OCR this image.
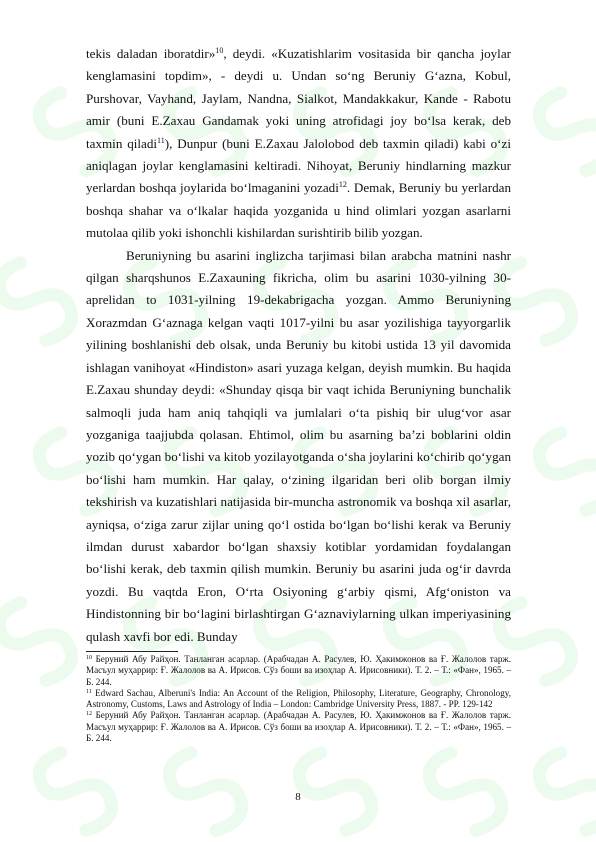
tekis daladan iboratdir»$^{10}$, deydi. «Kuzatishlarim vositasida bir qancha joylar kenglamasini topdim», - deydi u. Undan so‘ng Beruniy G‘azna, Kobul, Purshovar, Vayhand, Jaylam, Nandna, Sialkot, Mandakkakur, Kande - Rabotu amir (buni E.Zaxau Gandamak yoki uning atrofidagi joy bo‘lsa kerak, deb taxmin qiladi$^{11}$), Dunpur (buni E.Zaxau Jalolobod deb taxmin qiladi) kabi o‘zi aniqlagan joylar kenglamasini keltiradi. Nihoyat, Beruniy hindlarning mazkur yerlardan boshqa joylarida bo‘lmaganini yozadi$^{12}$. Demak, Beruniy bu yerlardan boshqa shahar va o‘lkalar haqida yozganida u hind olimlari yozgan asarlarni mutolaa qilib yoki ishonchli kishilardan surishtirib bilib yozgan.

Beruniyning bu asarini inglizcha tarjimasi bilan arabcha matnini nashr qilgan sharqshunos E.Zaxauning fikricha, olim bu asarini 1030-yilning 30-aprelidan to 1031-yilning 19-dekabrigacha yozgan. Ammo Beruniyning Xorazmdan G‘aznaga kelgan vaqti 1017-yilni bu asar yozilishiga tayyorgarlik yilining boshlanishi deb olsak, unda Beruniy bu kitobi ustida 13 yil davomida ishlagan vanihoyat «Hindiston» asari yuzaga kelgan, deyish mumkin. Bu haqida E.Zaxau shunday deydi: «Shunday qisqa bir vaqt ichida Beruniyning bunchalik salmoqli juda ham aniq tahqiqli va jumlalari o‘ta pishiq bir ulug‘vor asar yozganiga taajjubda qolasan. Ehtimol, olim bu asarning ba’zi boblarini oldin yozib qo‘ygan bo‘lishi va kitob yozilayotganda o‘sha joylarini ko‘chirib qo‘ygan bo‘lishi ham mumkin. Har qalay, o‘zining ilgaridan beri olib borgan ilmiy tekshirish va kuzatishlari natijasida bir-muncha astronomik va boshqa xil asarlar, ayniqsa, o‘ziga zarur zijlar uning qo‘l ostida bo‘lgan bo‘lishi kerak va Beruniy ilmdan durust xabardor bo‘lgan shaxsiy kotiblar yordamidan foydalangan bo‘lishi kerak, deb taxmin qilish mumkin. Beruniy bu asarini juda og‘ir davrda yozdi. Bu vaqtda Eron, O‘rta Osiyoning g‘arbiy qismi, Afg‘oniston va Hindistonning bir bo‘lagini birlashtirgan G‘aznaviylarning ulkan imperiyasining qulash xavfi bor edi. Bunday

$^{10}$ Беруний Абу Райҳон. Танланган асарлар. (Арабчадан А. Расулев, Ю. Ҳакимжонов ва Ғ. Жалолов тарж. Масъул муҳаррир: Ғ. Жалолов ва А. Ирисов. Сўз боши ва изоҳлар А. Ирисовники). Т. 2. – Т.: «Фан», 1965. – Б. 244.

$^{11}$ Edward Sachau, Alberuni's India: An Account of the Religion, Philosophy, Literature, Geography, Chronology, Astronomy, Customs, Laws and Astrology of India – London: Cambridge University Press, 1887. - PP. 129-142

$^{12}$ Беруний Абу Райҳон. Танланган асарлар. (Арабчадан А. Расулев, Ю. Ҳакимжонов ва Ғ. Жалолов тарж. Масъул муҳаррир: Ғ. Жалолов ва А. Ирисов. Сўз боши ва изоҳлар А. Ирисовники). Т. 2. – Т.: «Фан», 1965. – Б. 244.

8
